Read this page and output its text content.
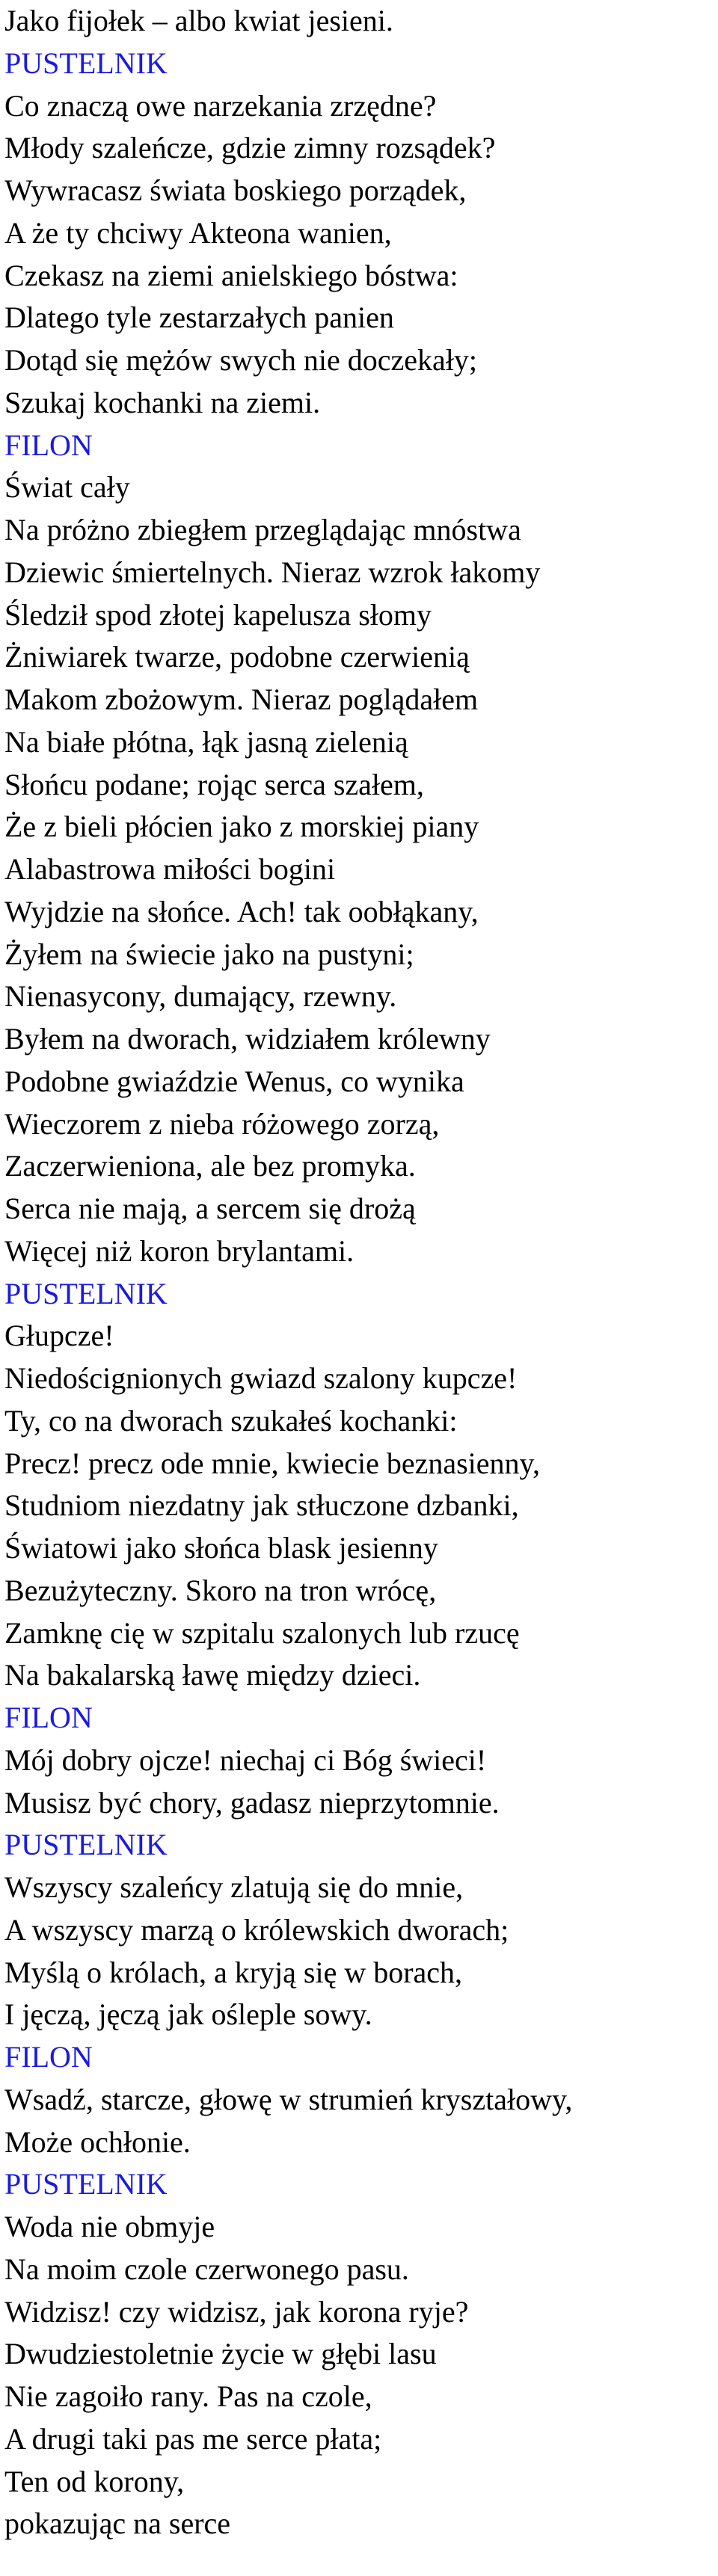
Jako fijołek – albo kwiat jesieni.
PUSTELNIK
Co znaczą owe narzekania zrzędne?
Młody szaleńcze, gdzie zimny rozsądek?
Wywracasz świata boskiego porządek,
A że ty chciwy Akteona wanien,
Czekasz na ziemi anielskiego bóstwa:
Dlatego tyle zestarzałych panien
Dotąd się mężów swych nie doczekały;
Szukaj kochanki na ziemi.
FILON
Świat cały
Na próżno zbiegłem przeglądając mnóstwa
Dziewic śmiertelnych. Nieraz wzrok łakomy
Śledził spod złotej kapelusza słomy
Żniwiarek twarze, podobne czerwienią
Makom zbożowym. Nieraz poglądałem
Na białe płótna, łąk jasną zielenią
Słońcu podane; rojąc serca szałem,
Że z bieli płócien jako z morskiej piany
Alabastrowa miłości bogini
Wyjdzie na słońce. Ach! tak oobłąkany,
Żyłem na świecie jako na pustyni;
Nienasycony, dumający, rzewny.
Byłem na dworach, widziałem królewny
Podobne gwiaździe Wenus, co wynika
Wieczorem z nieba różowego zorzą,
Zaczerwieniona, ale bez promyka.
Serca nie mają, a sercem się drożą
Więcej niż koron brylantami.
PUSTELNIK
Głupcze!
Niedoścignionych gwiazd szalony kupcze!
Ty, co na dworach szukałeś kochanki:
Precz! precz ode mnie, kwiecie beznasienny,
Studniom niezdatny jak stłuczone dzbanki,
Światowi jako słońca blask jesienny
Bezużyteczny. Skoro na tron wrócę,
Zamknę cię w szpitalu szalonych lub rzucę
Na bakalarską ławę między dzieci.
FILON
Mój dobry ojcze! niechaj ci Bóg świeci!
Musisz być chory, gadasz nieprzytomnie.
PUSTELNIK
Wszyscy szaleńcy zlatują się do mnie,
A wszyscy marzą o królewskich dworach;
Myślą o królach, a kryją się w borach,
I jęczą, jęczą jak ośleple sowy.
FILON
Wsadź, starcze, głowę w strumień kryształowy,
Może ochłonie.
PUSTELNIK
Woda nie obmyje
Na moim czole czerwonego pasu.
Widzisz! czy widzisz, jak korona ryje?
Dwudziestoletnie życie w głębi lasu
Nie zagoiło rany. Pas na czole,
A drugi taki pas me serce płata;
Ten od korony,
pokazując na serce
